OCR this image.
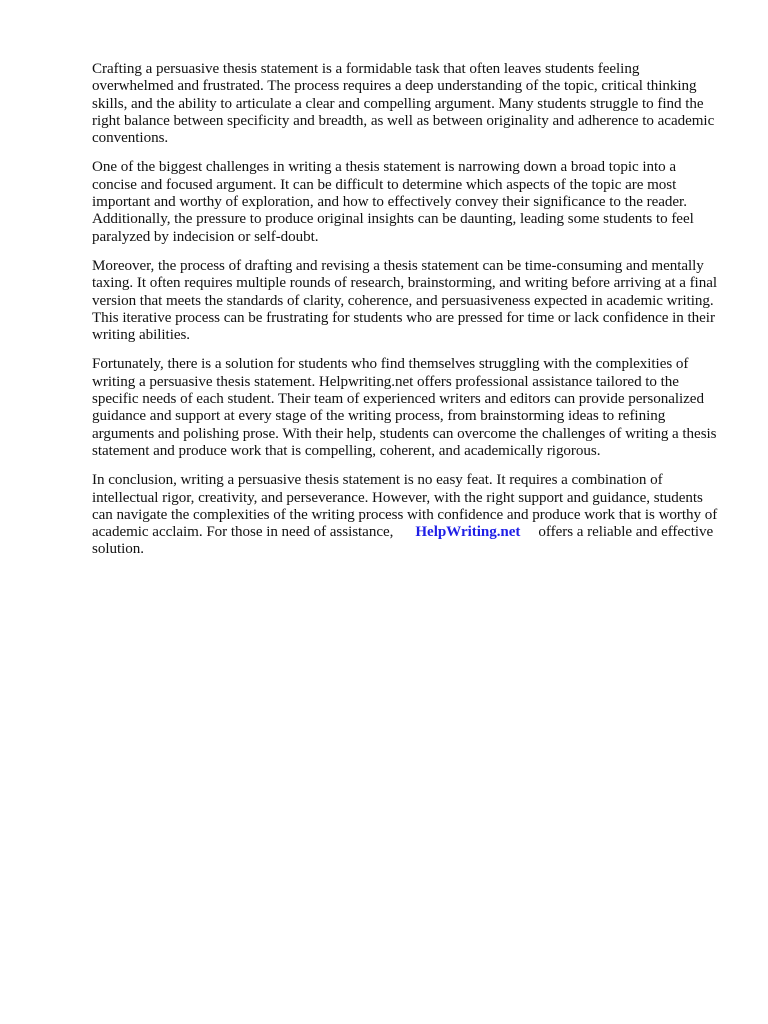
Crafting a persuasive thesis statement is a formidable task that often leaves students feeling overwhelmed and frustrated. The process requires a deep understanding of the topic, critical thinking skills, and the ability to articulate a clear and compelling argument. Many students struggle to find the right balance between specificity and breadth, as well as between originality and adherence to academic conventions.

One of the biggest challenges in writing a thesis statement is narrowing down a broad topic into a concise and focused argument. It can be difficult to determine which aspects of the topic are most important and worthy of exploration, and how to effectively convey their significance to the reader. Additionally, the pressure to produce original insights can be daunting, leading some students to feel paralyzed by indecision or self-doubt.

Moreover, the process of drafting and revising a thesis statement can be time-consuming and mentally taxing. It often requires multiple rounds of research, brainstorming, and writing before arriving at a final version that meets the standards of clarity, coherence, and persuasiveness expected in academic writing. This iterative process can be frustrating for students who are pressed for time or lack confidence in their writing abilities.

Fortunately, there is a solution for students who find themselves struggling with the complexities of writing a persuasive thesis statement. Helpwriting.net offers professional assistance tailored to the specific needs of each student. Their team of experienced writers and editors can provide personalized guidance and support at every stage of the writing process, from brainstorming ideas to refining arguments and polishing prose. With their help, students can overcome the challenges of writing a thesis statement and produce work that is compelling, coherent, and academically rigorous.

In conclusion, writing a persuasive thesis statement is no easy feat. It requires a combination of intellectual rigor, creativity, and perseverance. However, with the right support and guidance, students can navigate the complexities of the writing process with confidence and produce work that is worthy of academic acclaim. For those in need of assistance, HelpWriting.net offers a reliable and effective solution.
